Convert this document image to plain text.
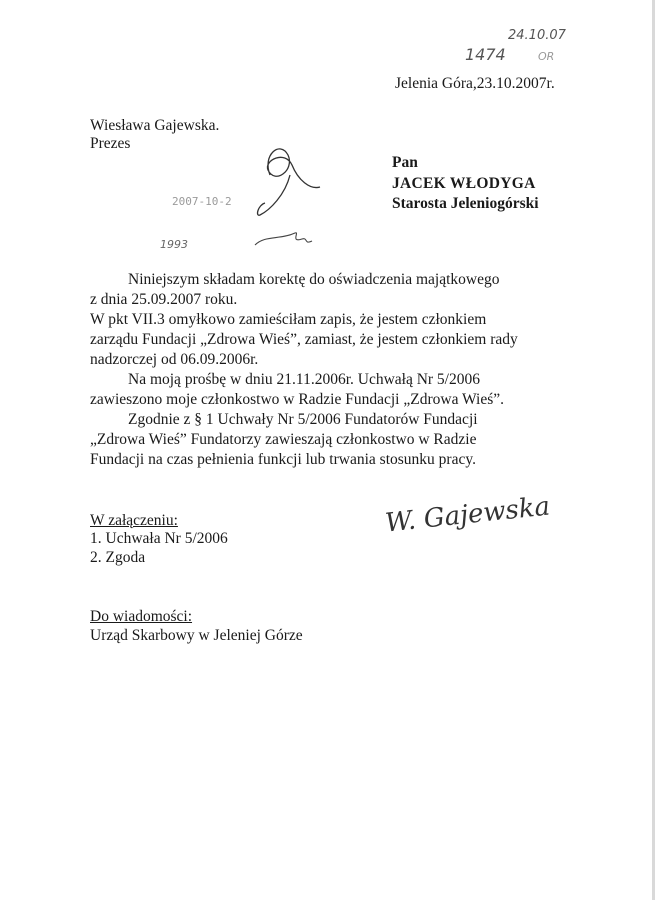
24.10.07
1474	OR
Jelenia Góra,23.10.2007r.
Wiesława Gajewska.
Prezes
2007-10-2
1993
Pan
JACEK WŁODYGA
Starosta Jeleniogórski

Niniejszym składam korektę do oświadczenia majątkowego

z dnia 25.09.2007 roku.

W pkt VII.3 omyłkowo zamieściłam zapis, że jestem członkiem

zarządu Fundacji „Zdrowa Wieś”, zamiast, że jestem członkiem rady

nadzorczej od 06.09.2006r.

Na moją prośbę w dniu 21.11.2006r. Uchwałą Nr 5/2006

zawieszono moje członkostwo w Radzie Fundacji „Zdrowa Wieś”.

Zgodnie z § 1 Uchwały Nr 5/2006 Fundatorów Fundacji

„Zdrowa Wieś” Fundatorzy zawieszają członkostwo w Radzie

Fundacji na czas pełnienia funkcji lub trwania stosunku pracy.

W. Gajewska
W załączeniu:
1. Uchwała Nr 5/2006
2. Zgoda
Do wiadomości:
Urząd Skarbowy w Jeleniej Górze
